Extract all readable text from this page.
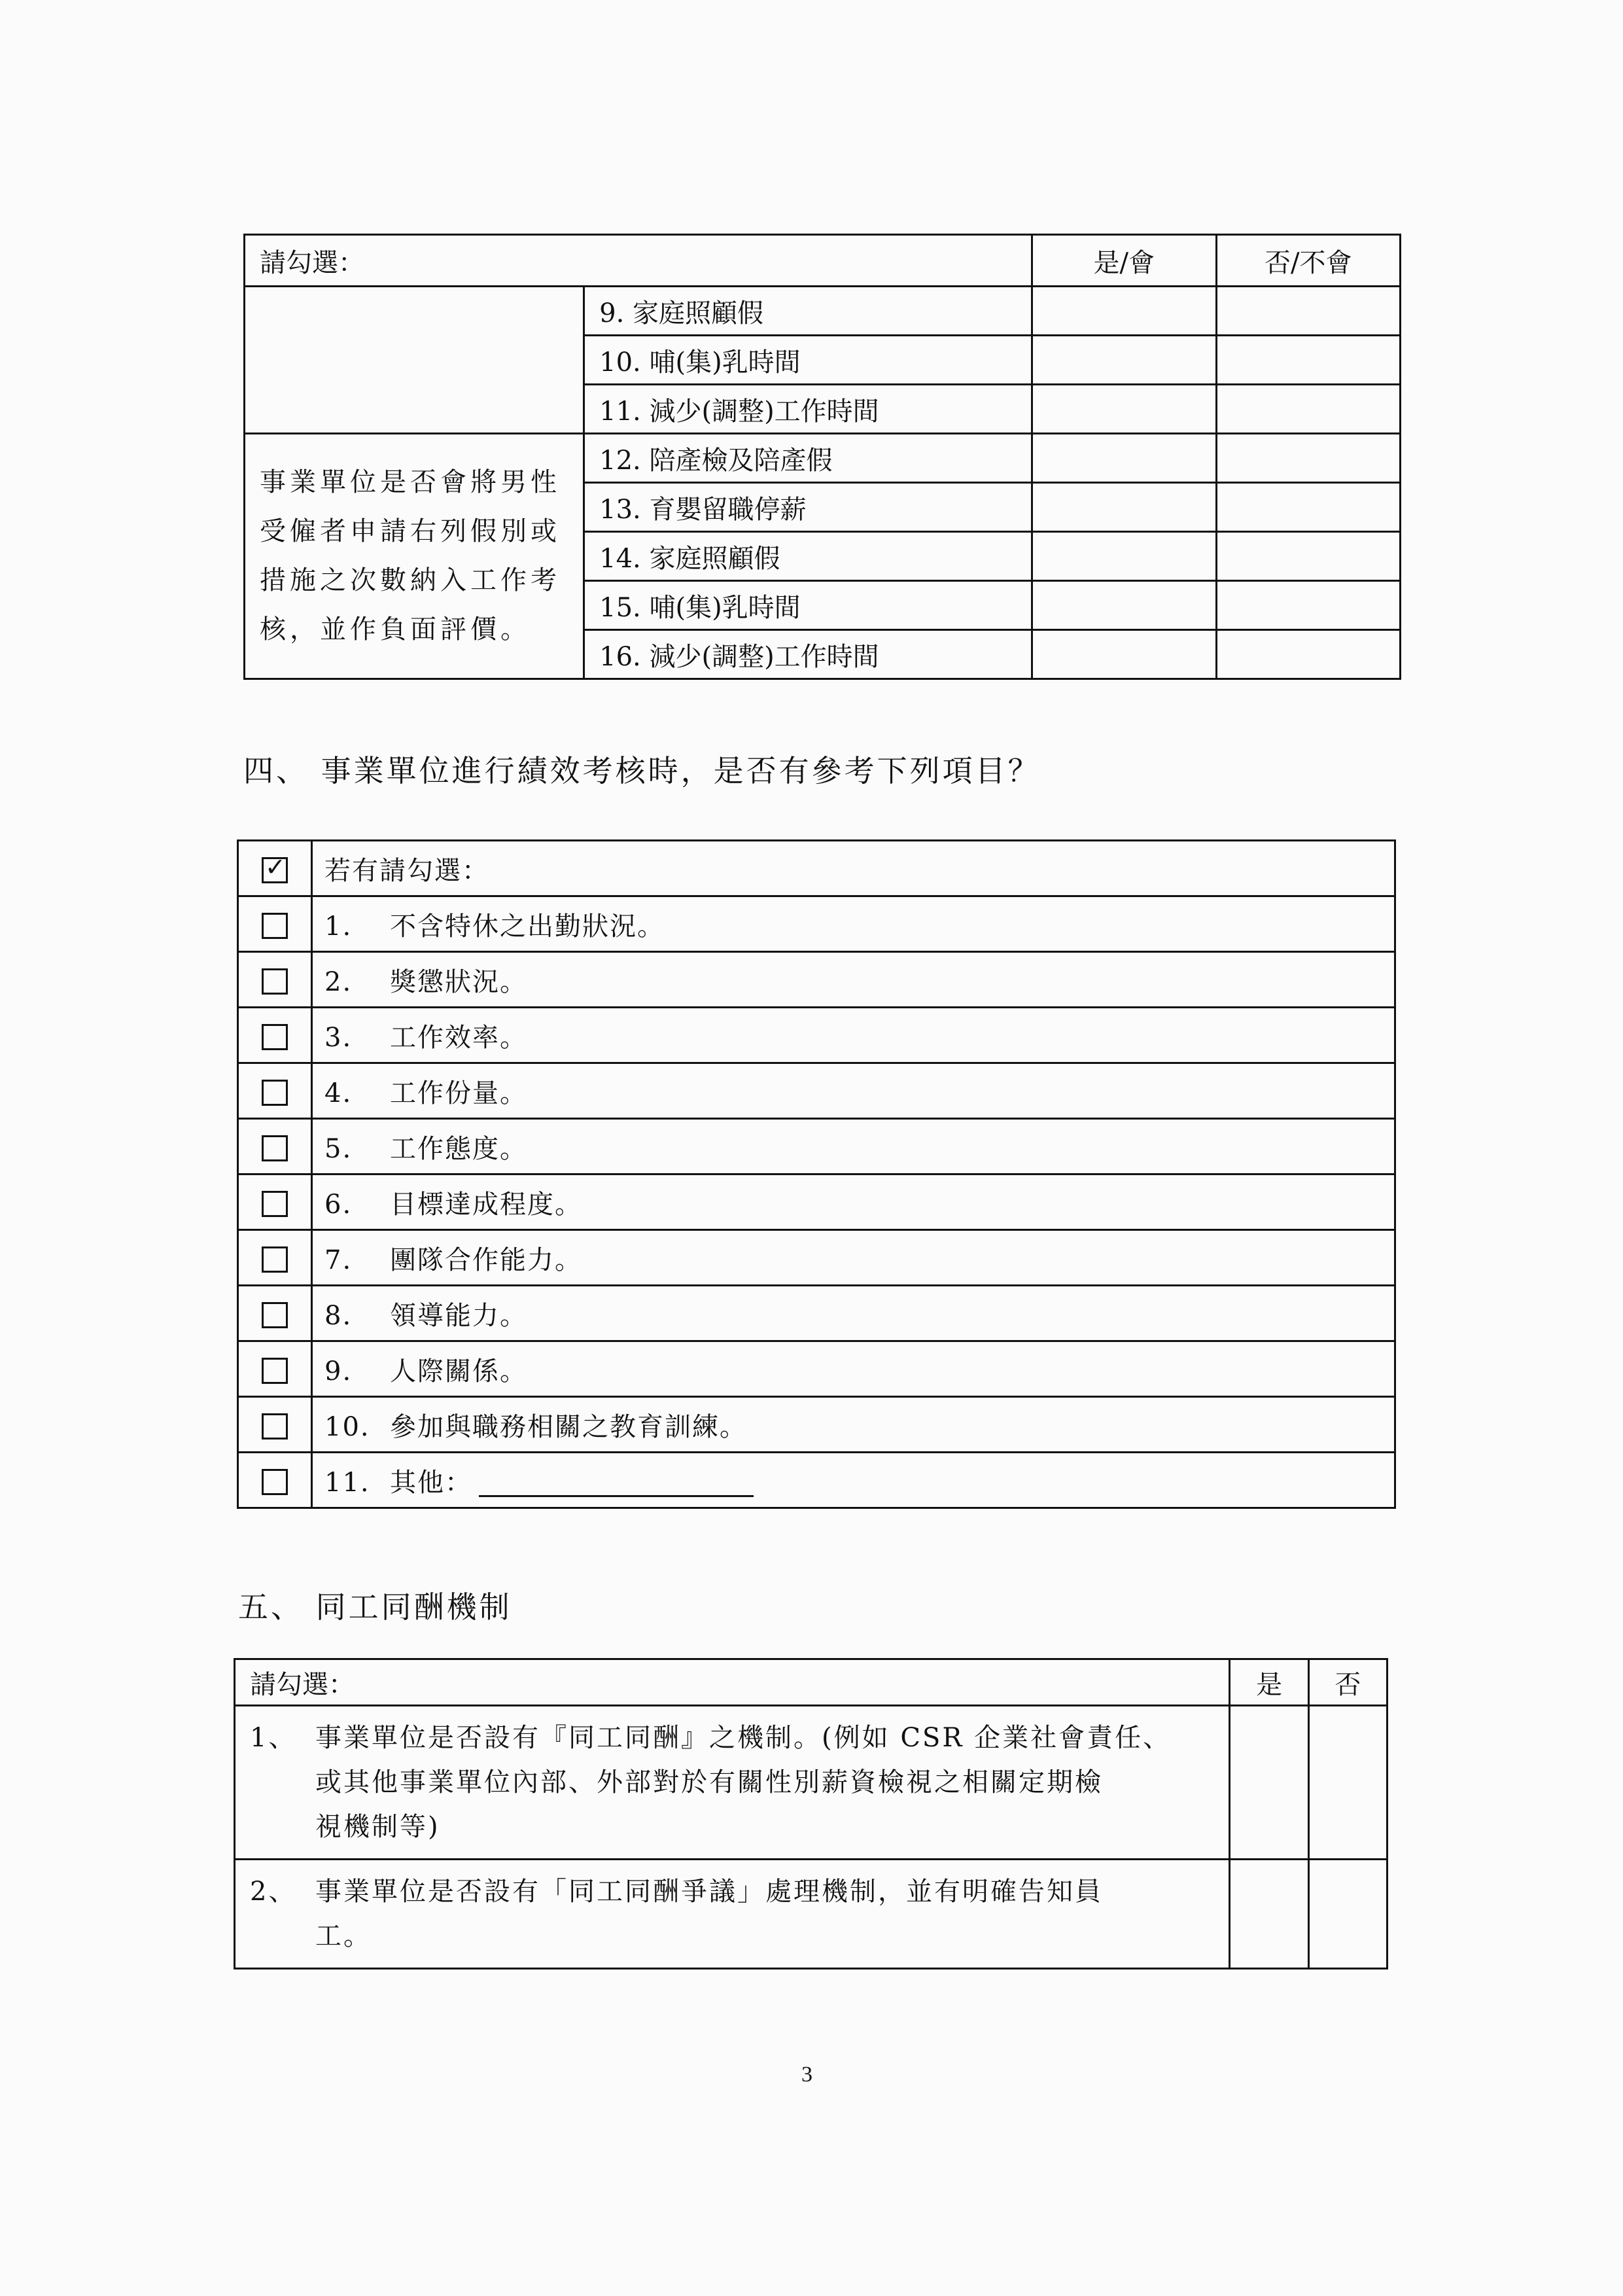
請勾選：		是/會	否/不會
	9. 家庭照顧假		
	10. 哺(集)乳時間		
	11. 減少(調整)工作時間		
事業單位是否會將男性受僱者申請右列假別或措施之次數納入工作考核，並作負面評價。	12. 陪產檢及陪產假		
	13. 育嬰留職停薪		
	14. 家庭照顧假		
	15. 哺(集)乳時間		
	16. 減少(調整)工作時間		
四、 事業單位進行績效考核時，是否有參考下列項目？
✓	若有請勾選：
	1. 不含特休之出勤狀況。
	2. 獎懲狀況。
	3. 工作效率。
	4. 工作份量。
	5. 工作態度。
	6. 目標達成程度。
	7. 團隊合作能力。
	8. 領導能力。
	9. 人際關係。
	10. 參加與職務相關之教育訓練。
	11. 其他：
五、 同工同酬機制
請勾選：	是	否
1、 事業單位是否設有『同工同酬』之機制。(例如 CSR 企業社會責任、
或其他事業單位內部、外部對於有關性別薪資檢視之相關定期檢
視機制等)		

2、 事業單位是否設有「同工同酬爭議」處理機制，並有明確告知員
工。		

3
